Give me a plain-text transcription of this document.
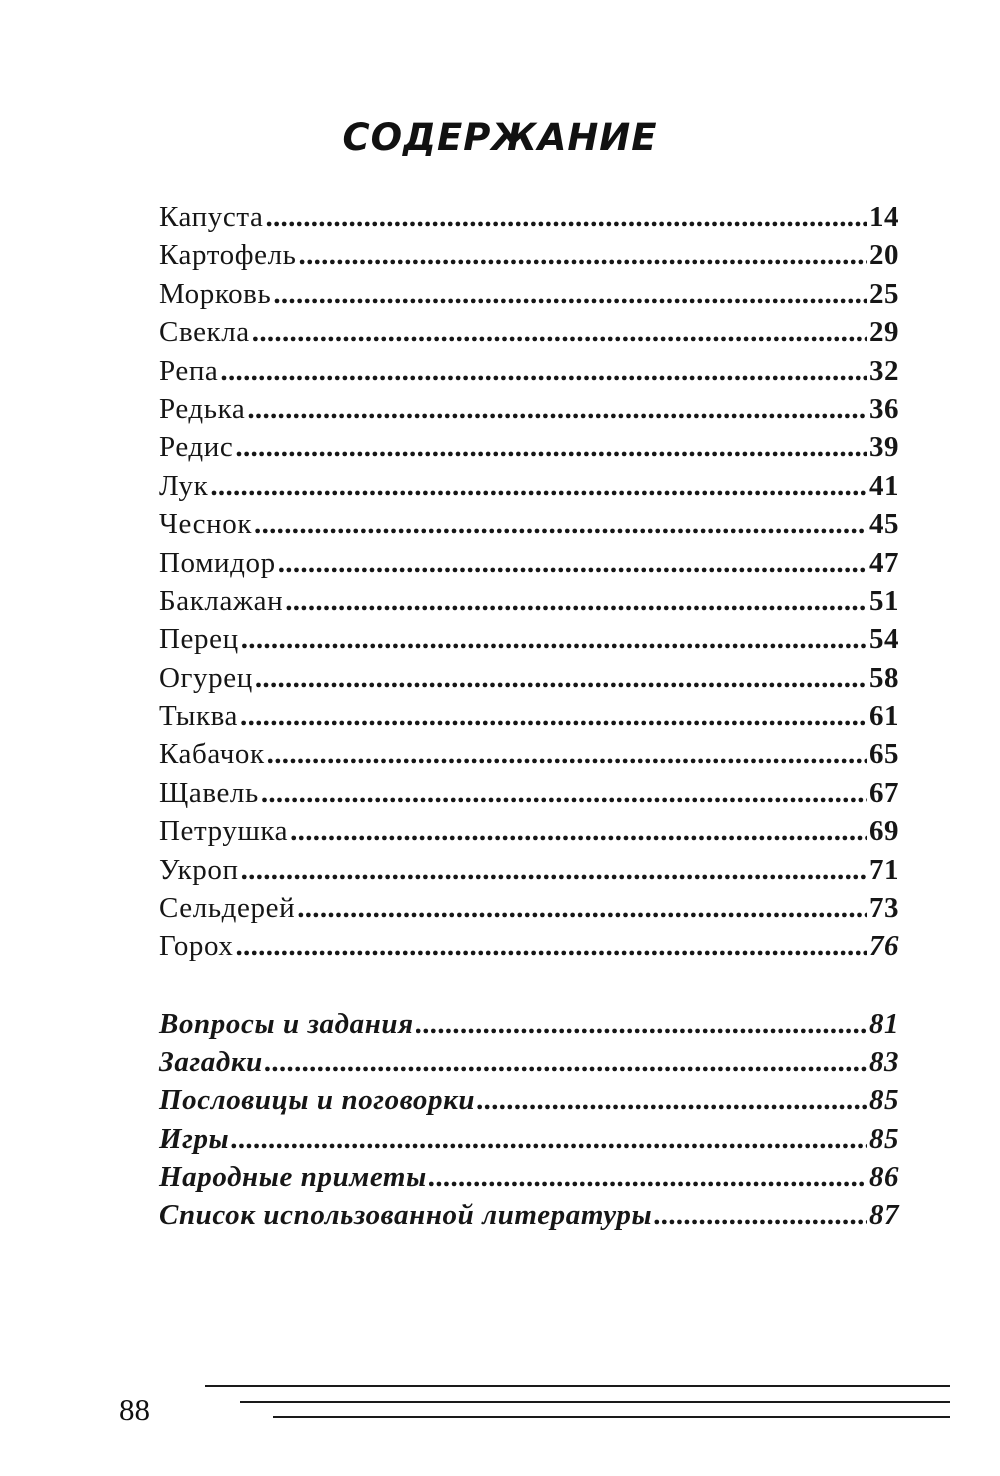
СОДЕРЖАНИЕ
Капуста .....	14
Картофель .....	20
Морковь .....	25
Свекла .....	29
Репа .....	32
Редька .....	36
Редис .....	39
Лук .....	41
Чеснок .....	45
Помидор .....	47
Баклажан .....	51
Перец .....	54
Огурец .....	58
Тыква .....	61
Кабачок .....	65
Щавель .....	67
Петрушка .....	69
Укроп .....	71
Сельдерей .....	73
Горох .....	76
Вопросы и задания .....	81
Загадки .....	83
Пословицы и поговорки .....	85
Игры .....	85
Народные приметы .....	86
Список использованной литературы .....	87
88
